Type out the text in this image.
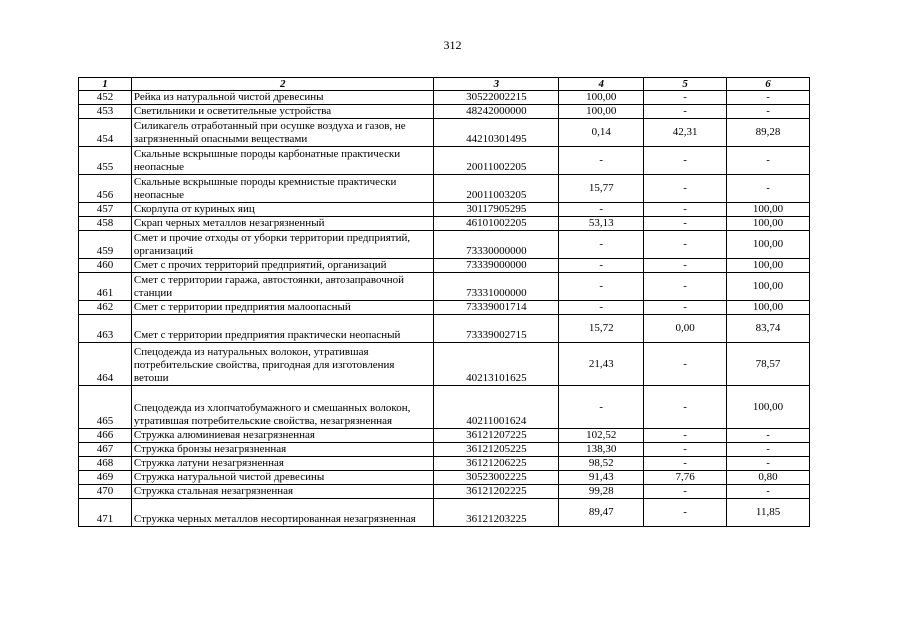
312
1	2	3	4	5	6
452	Рейка из натуральной чистой древесины	30522002215	100,00	-	-
453	Светильники и осветительные устройства	48242000000	100,00	-	-
454	Силикагель отработанный при осушке воздуха и газов, не загрязненный опасными веществами	44210301495	0,14	42,31	89,28
455	Скальные вскрышные породы карбонатные практически неопасные	20011002205	-	-	-
456	Скальные вскрышные породы кремнистые практически неопасные	20011003205	15,77	-	-
457	Скорлупа от куриных яиц	30117905295	-	-	100,00
458	Скрап черных металлов незагрязненный	46101002205	53,13	-	100,00
459	Смет и прочие отходы от уборки территории предприятий, организаций	73330000000	-	-	100,00
460	Смет с прочих территорий предприятий, организаций	73339000000	-	-	100,00
461	Смет с территории гаража, автостоянки, автозаправочной станции	73331000000	-	-	100,00
462	Смет с территории предприятия малоопасный	73339001714	-	-	100,00
463	Смет с территории предприятия практически неопасный	73339002715	15,72	0,00	83,74
464	Спецодежда из натуральных волокон, утратившая потребительские свойства, пригодная для изготовления ветоши	40213101625	21,43	-	78,57
465	Спецодежда из хлопчатобумажного и смешанных волокон, утратившая потребительские свойства, незагрязненная	40211001624	-	-	100,00
466	Стружка алюминиевая незагрязненная	36121207225	102,52	-	-
467	Стружка бронзы незагрязненная	36121205225	138,30	-	-
468	Стружка латуни незагрязненная	36121206225	98,52	-	-
469	Стружка натуральной чистой древесины	30523002225	91,43	7,76	0,80
470	Стружка стальная незагрязненная	36121202225	99,28	-	-
471	Стружка черных металлов несортированная незагрязненная	36121203225	89,47	-	11,85
